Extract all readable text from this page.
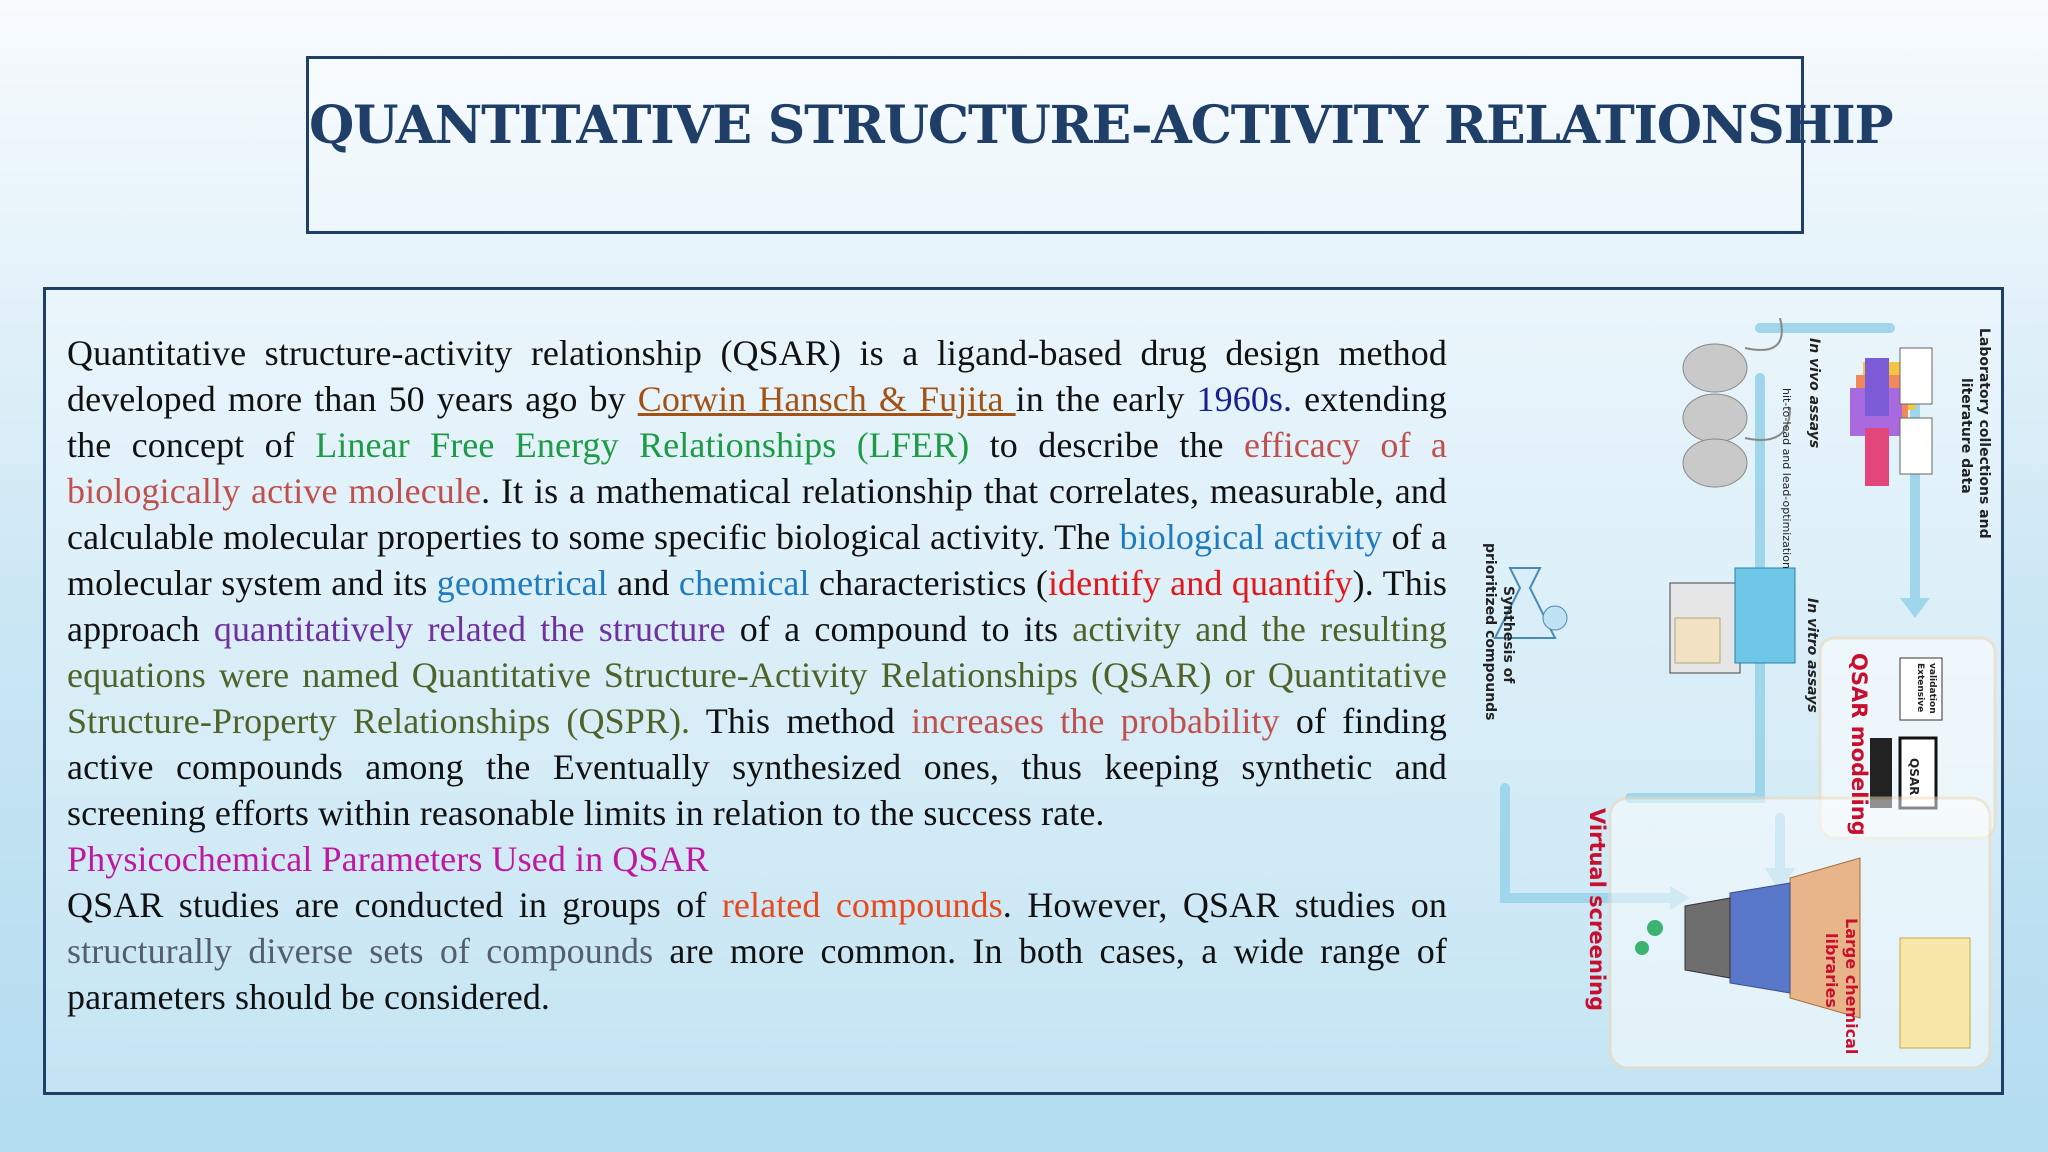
QUANTITATIVE STRUCTURE-ACTIVITY RELATIONSHIP

Quantitative structure-activity relationship (QSAR) is a ligand-based drug design method developed more than 50 years ago by Corwin Hansch & Fujita in the early 1960s. extending the concept of Linear Free Energy Relationships (LFER) to describe the efficacy of a biologically active molecule. It is a mathematical relationship that correlates, measurable, and calculable molecular properties to some specific biological activity. The biological activity of a molecular system and its geometrical and chemical characteristics (identify and quantify). This approach quantitatively related the structure of a compound to its activity and the resulting equations were named Quantitative Structure-Activity Relationships (QSAR) or Quantitative Structure-Property Relationships (QSPR). This method increases the probability of finding active compounds among the Eventually synthesized ones, thus keeping synthetic and screening efforts within reasonable limits in relation to the success rate.

Physicochemical Parameters Used in QSAR

QSAR studies are conducted in groups of related compounds. However, QSAR studies on structurally diverse sets of compounds are more common. In both cases, a wide range of parameters should be considered.

In vivo assays
hit-to-lead and lead-optimization
In vitro assays
Laboratory collections and
literature data
Synthesis of
prioritized compounds
QSAR modeling	Extensive validation
QSAR
Virtual screening	Large chemical
libraries
